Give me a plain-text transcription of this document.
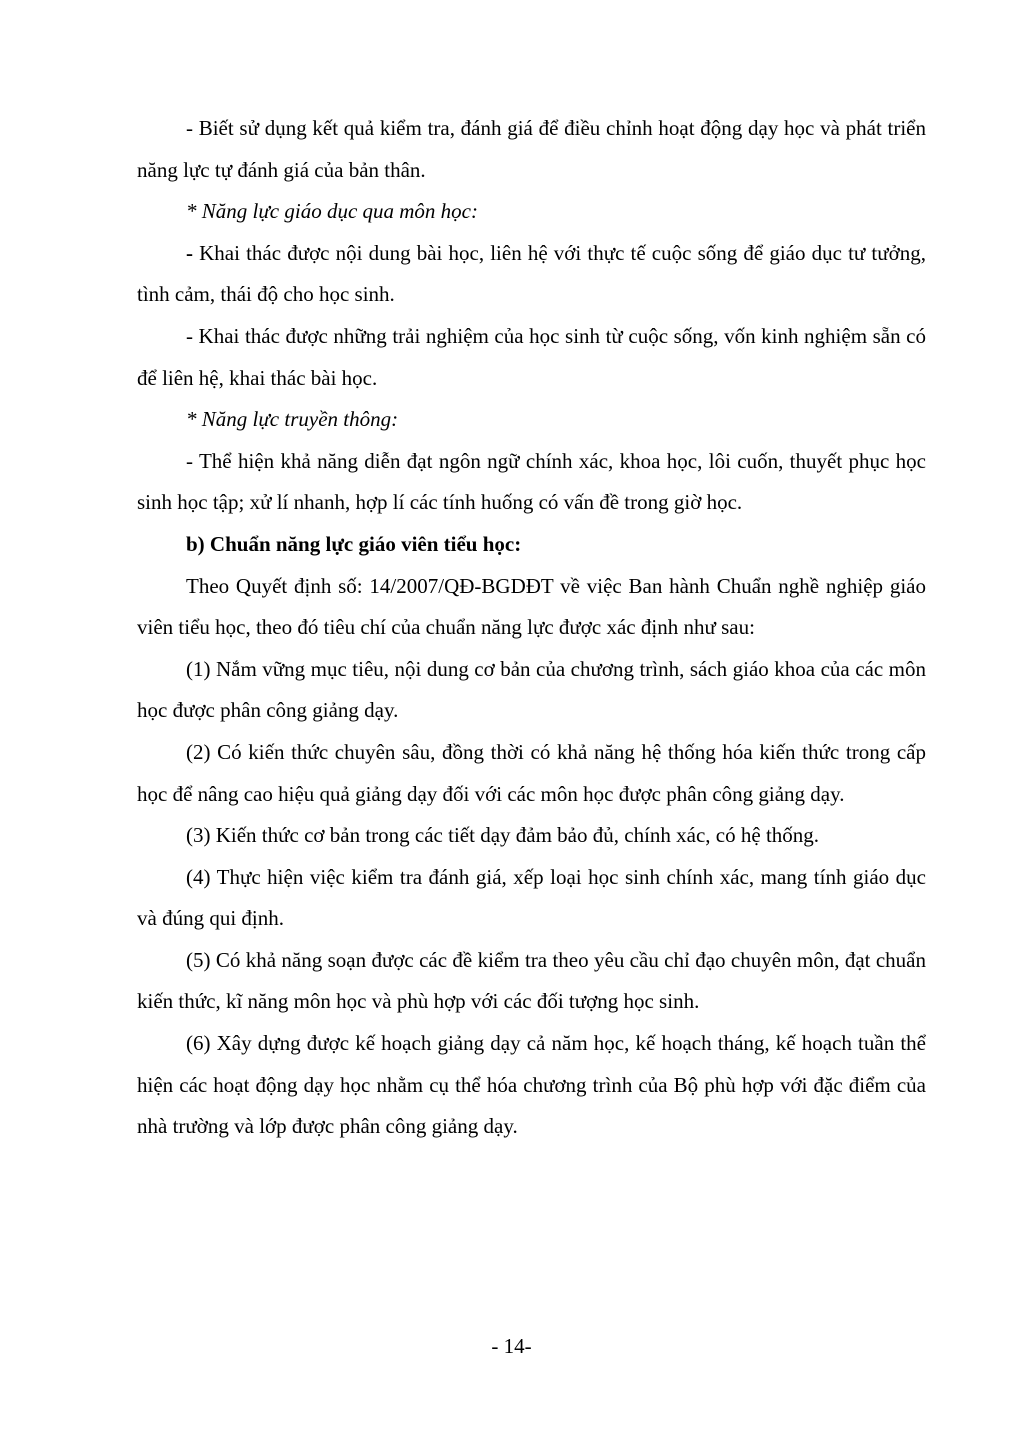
- Biết sử dụng kết quả kiểm tra, đánh giá để điều chỉnh hoạt động dạy học và phát triển năng lực tự đánh giá của bản thân.

* Năng lực giáo dục qua môn học:

- Khai thác được nội dung bài học, liên hệ với thực tế cuộc sống để giáo dục tư tưởng, tình cảm, thái độ cho học sinh.

- Khai thác được những trải nghiệm của học sinh từ cuộc sống, vốn kinh nghiệm sẵn có để liên hệ, khai thác bài học.

* Năng lực truyền thông:

- Thể hiện khả năng diễn đạt ngôn ngữ chính xác, khoa học, lôi cuốn, thuyết phục học sinh học tập; xử lí nhanh, hợp lí các tính huống có vấn đề trong giờ học.

b) Chuẩn năng lực giáo viên tiểu học:

Theo Quyết định số: 14/2007/QĐ-BGDĐT về việc Ban hành Chuẩn nghề nghiệp giáo viên tiểu học, theo đó tiêu chí của chuẩn năng lực được xác định như sau:

(1) Nắm vững mục tiêu, nội dung cơ bản của chương trình, sách giáo khoa của các môn học được phân công giảng dạy.

(2) Có kiến thức chuyên sâu, đồng thời có khả năng hệ thống hóa kiến thức trong cấp học để nâng cao hiệu quả giảng dạy đối với các môn học được phân công giảng dạy.

(3) Kiến thức cơ bản trong các tiết dạy đảm bảo đủ, chính xác, có hệ thống.

(4) Thực hiện việc kiểm tra đánh giá, xếp loại học sinh chính xác, mang tính giáo dục và đúng qui định.

(5) Có khả năng soạn được các đề kiểm tra theo yêu cầu chỉ đạo chuyên môn, đạt chuẩn kiến thức, kĩ năng môn học và phù hợp với các đối tượng học sinh.

(6) Xây dựng được kế hoạch giảng dạy cả năm học, kế hoạch tháng, kế hoạch tuần thể hiện các hoạt động dạy học nhằm cụ thể hóa chương trình của Bộ phù hợp với đặc điểm của nhà trường và lớp được phân công giảng dạy.

- 14-
